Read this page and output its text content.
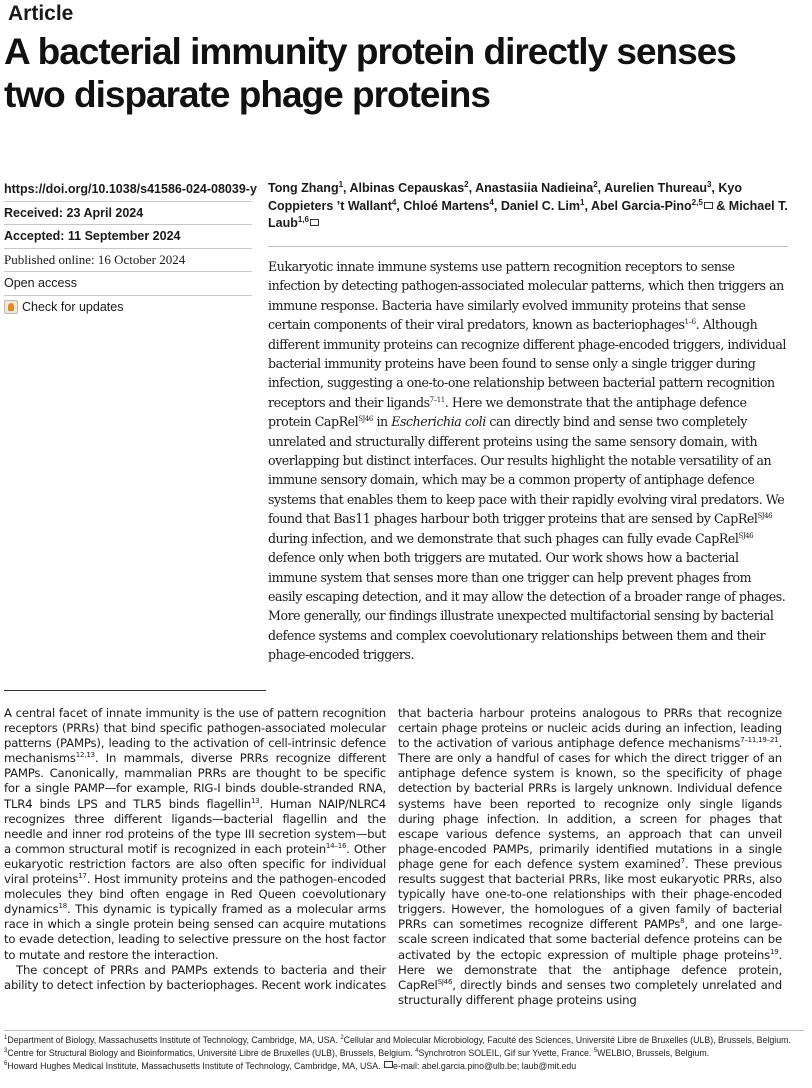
Article
A bacterial immunity protein directly senses two disparate phage proteins
https://doi.org/10.1038/s41586-024-08039-y
Received: 23 April 2024
Accepted: 11 September 2024
Published online: 16 October 2024
Open access
Check for updates
Tong Zhang$^1$, Albinas Cepauskas$^2$, Anastasiia Nadieina$^2$, Aurelien Thureau$^3$, Kyo Coppieters ’t Wallant$^4$, Chloé Martens$^4$, Daniel C. Lim$^1$, Abel Garcia-Pino$^{2,5}$ & Michael T. Laub$^{1,6}$
Eukaryotic innate immune systems use pattern recognition receptors to sense infection by detecting pathogen-associated molecular patterns, which then triggers an immune response. Bacteria have similarly evolved immunity proteins that sense certain components of their viral predators, known as bacteriophages$^{1-6}$. Although different immunity proteins can recognize different phage-encoded triggers, individual bacterial immunity proteins have been found to sense only a single trigger during infection, suggesting a one-to-one relationship between bacterial pattern recognition receptors and their ligands$^{7-11}$. Here we demonstrate that the antiphage defence protein CapRel$^{SJ46}$ in Escherichia coli can directly bind and sense two completely unrelated and structurally different proteins using the same sensory domain, with overlapping but distinct interfaces. Our results highlight the notable versatility of an immune sensory domain, which may be a common property of antiphage defence systems that enables them to keep pace with their rapidly evolving viral predators. We found that Bas11 phages harbour both trigger proteins that are sensed by CapRel$^{SJ46}$ during infection, and we demonstrate that such phages can fully evade CapRel$^{SJ46}$ defence only when both triggers are mutated. Our work shows how a bacterial immune system that senses more than one trigger can help prevent phages from easily escaping detection, and it may allow the detection of a broader range of phages. More generally, our findings illustrate unexpected multifactorial sensing by bacterial defence systems and complex coevolutionary relationships between them and their phage-encoded triggers.

A central facet of innate immunity is the use of pattern recognition receptors (PRRs) that bind specific pathogen-associated molecular patterns (PAMPs), leading to the activation of cell-intrinsic defence mechanisms$^{12,13}$. In mammals, diverse PRRs recognize different PAMPs. Canonically, mammalian PRRs are thought to be specific for a single PAMP—for example, RIG-I binds double-stranded RNA, TLR4 binds LPS and TLR5 binds flagellin$^{13}$. Human NAIP/NLRC4 recognizes three different ligands—bacterial flagellin and the needle and inner rod proteins of the type III secretion system—but a common structural motif is recognized in each protein$^{14-16}$. Other eukaryotic restriction factors are also often specific for individual viral proteins$^{17}$. Host immunity proteins and the pathogen-encoded molecules they bind often engage in Red Queen coevolutionary dynamics$^{18}$. This dynamic is typically framed as a molecular arms race in which a single protein being sensed can acquire mutations to evade detection, leading to selective pressure on the host factor to mutate and restore the interaction.

The concept of PRRs and PAMPs extends to bacteria and their ability to detect infection by bacteriophages. Recent work indicates

that bacteria harbour proteins analogous to PRRs that recognize certain phage proteins or nucleic acids during an infection, leading to the activation of various antiphage defence mechanisms$^{7-11,19-21}$. There are only a handful of cases for which the direct trigger of an antiphage defence system is known, so the specificity of phage detection by bacterial PRRs is largely unknown. Individual defence systems have been reported to recognize only single ligands during phage infection. In addition, a screen for phages that escape various defence systems, an approach that can unveil phage-encoded PAMPs, primarily identified mutations in a single phage gene for each defence system examined$^7$. These previous results suggest that bacterial PRRs, like most eukaryotic PRRs, also typically have one-to-one relationships with their phage-encoded triggers. However, the homologues of a given family of bacterial PRRs can sometimes recognize different PAMPs$^8$, and one large-scale screen indicated that some bacterial defence proteins can be activated by the ectopic expression of multiple phage proteins$^{19}$. Here we demonstrate that the antiphage defence protein, CapRel$^{SJ46}$, directly binds and senses two completely unrelated and structurally different phage proteins using

$^1$Department of Biology, Massachusetts Institute of Technology, Cambridge, MA, USA. $^2$Cellular and Molecular Microbiology, Faculté des Sciences, Université Libre de Bruxelles (ULB), Brussels, Belgium. $^3$Centre for Structural Biology and Bioinformatics, Université Libre de Bruxelles (ULB), Brussels, Belgium. $^4$Synchrotron SOLEIL, Gif sur Yvette, France. $^5$WELBIO, Brussels, Belgium.
$^6$Howard Hughes Medical Institute, Massachusetts Institute of Technology, Cambridge, MA, USA. e-mail: abel.garcia.pino@ulb.be; laub@mit.edu
